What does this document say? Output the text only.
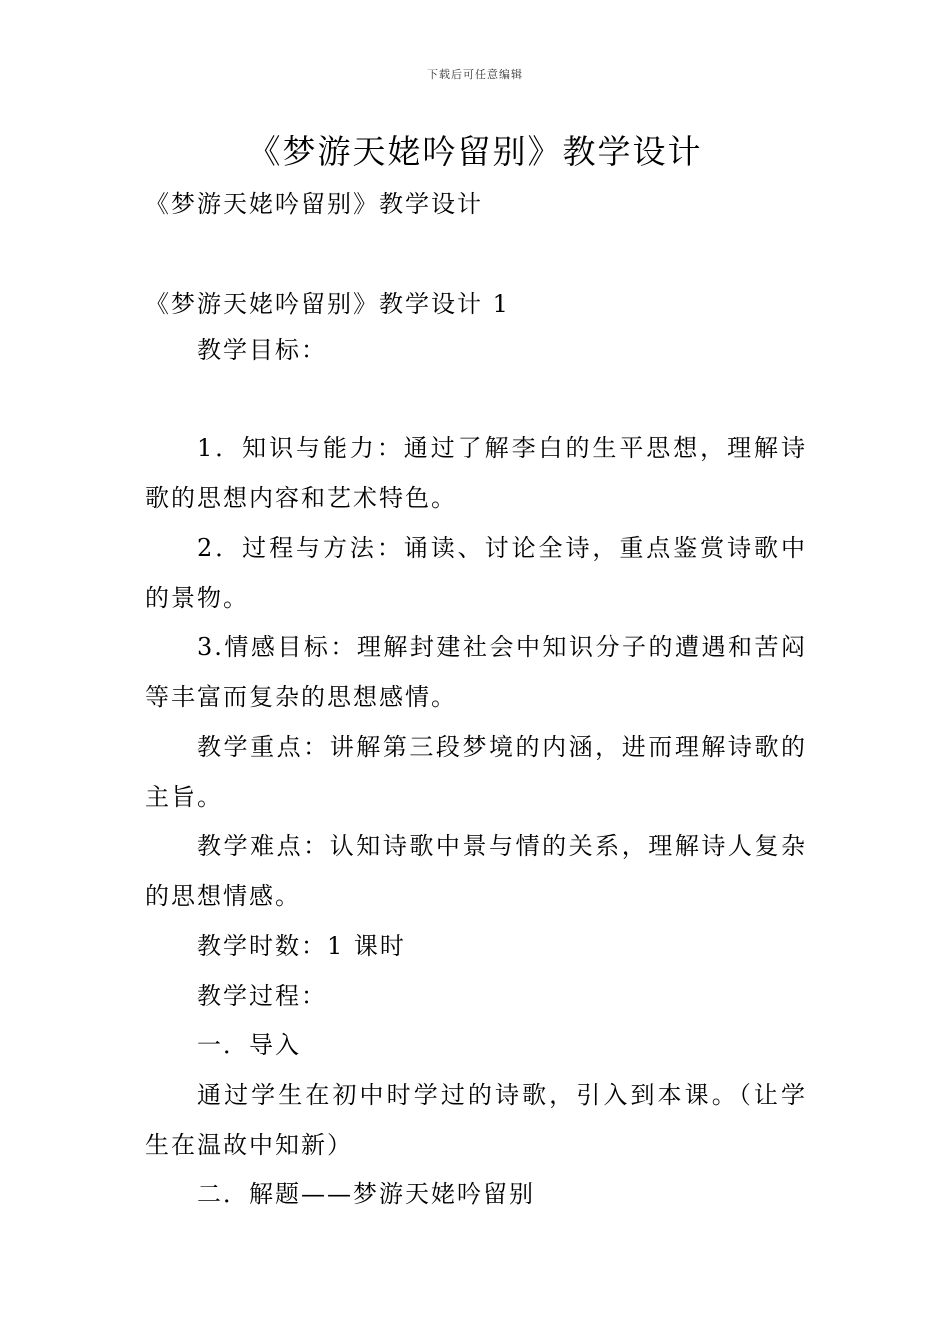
下载后可任意编辑
《梦游天姥吟留别》教学设计
《梦游天姥吟留别》教学设计
《梦游天姥吟留别》教学设计 1
教学目标：
1．知识与能力：通过了解李白的生平思想，理解诗歌的思想内容和艺术特色。
2．过程与方法：诵读、讨论全诗，重点鉴赏诗歌中的景物。
3.情感目标：理解封建社会中知识分子的遭遇和苦闷等丰富而复杂的思想感情。
教学重点：讲解第三段梦境的内涵，进而理解诗歌的主旨。
教学难点：认知诗歌中景与情的关系，理解诗人复杂的思想情感。
教学时数：1 课时
教学过程：
一．导入
通过学生在初中时学过的诗歌，引入到本课。（让学生在温故中知新）
二．解题——梦游天姥吟留别
